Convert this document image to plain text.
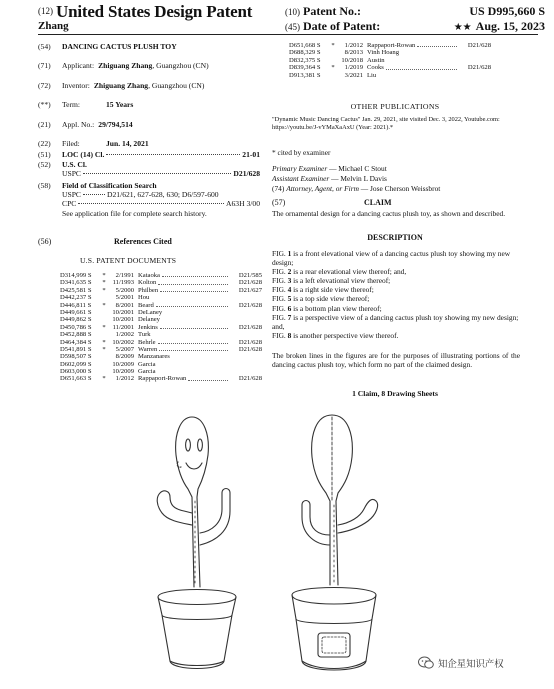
(12) United States Design Patent
Zhang
(10) Patent No.:	US D995,660 S
(45) Date of Patent:	★★ Aug. 15, 2023
(54)	DANCING CACTUS PLUSH TOY
(71)	Applicant: Zhiguang Zhang, Guangzhou (CN)
(72)	Inventor: Zhiguang Zhang, Guangzhou (CN)
(**)	Term:	15 Years
(21)	Appl. No.: 29/794,514
(22)	Filed:	Jun. 14, 2021
(51)	LOC (14) Cl.	21-01
(52)	U.S. Cl.
USPC	D21/628
(58)	Field of Classification Search
USPC	D21/621, 627-628, 630; D6/597-600
CPC	A63H 3/00
See application file for complete search history.
(56)	References Cited
U.S. PATENT DOCUMENTS
D314,999 S	*	2/1991 Kataoka	D21/585
D341,635 S	*	11/1993 Kolton	D21/628
D425,581 S	*	5/2000 Philben	D21/627
D442,237 S	5/2001 Hou
D446,811 S	*	8/2001 Beard	D21/628
D449,661 S	10/2001 DeLaney
D449,862 S	10/2001 Delaney
D450,786 S	*	11/2001 Jenkins	D21/628
D452,888 S	1/2002 Turk
D464,384 S	*	10/2002 Behrle	D21/628
D541,891 S	*	5/2007 Warren	D21/628
D598,507 S	8/2009 Manzanares
D602,099 S	10/2009 Garcia
D603,000 S	10/2009 Garcia
D651,663 S	*	1/2012 Rappaport-Rowan	D21/628
D651,668 S	*	1/2012 Rappaport-Rowan	D21/628
D688,329 S	8/2013 Vinh Hoang
D832,375 S	10/2018 Austin
D839,364 S	*	1/2019 Cooks	D21/628
D913,381 S	3/2021 Liu
OTHER PUBLICATIONS
"Dynamic Music Dancing Cactus" Jan. 29, 2021, site visited Dec. 3, 2022, Youtube.com: https://youtu.be/J-vYMaXaAxU (Year: 2021).*
* cited by examiner
Primary Examiner — Michael C Stout
Assistant Examiner — Melvin L Davis
(74) Attorney, Agent, or Firm — Jose Cherson Weissbrot
(57)	CLAIM
The ornamental design for a dancing cactus plush toy, as shown and described.
DESCRIPTION

FIG. 1 is a front elevational view of a dancing cactus plush toy showing my new design;

FIG. 2 is a rear elevational view thereof; and,

FIG. 3 is a left elevational view thereof;

FIG. 4 is a right side view thereof;

FIG. 5 is a top side view thereof;

FIG. 6 is a bottom plan view thereof;

FIG. 7 is a perspective view of a dancing cactus plush toy showing my new design; and,

FIG. 8 is another perspective view thereof.

The broken lines in the figures are for the purposes of illustrating portions of the dancing cactus plush toy, which form no part of the claimed design.
1 Claim, 8 Drawing Sheets
知企星知识产权
